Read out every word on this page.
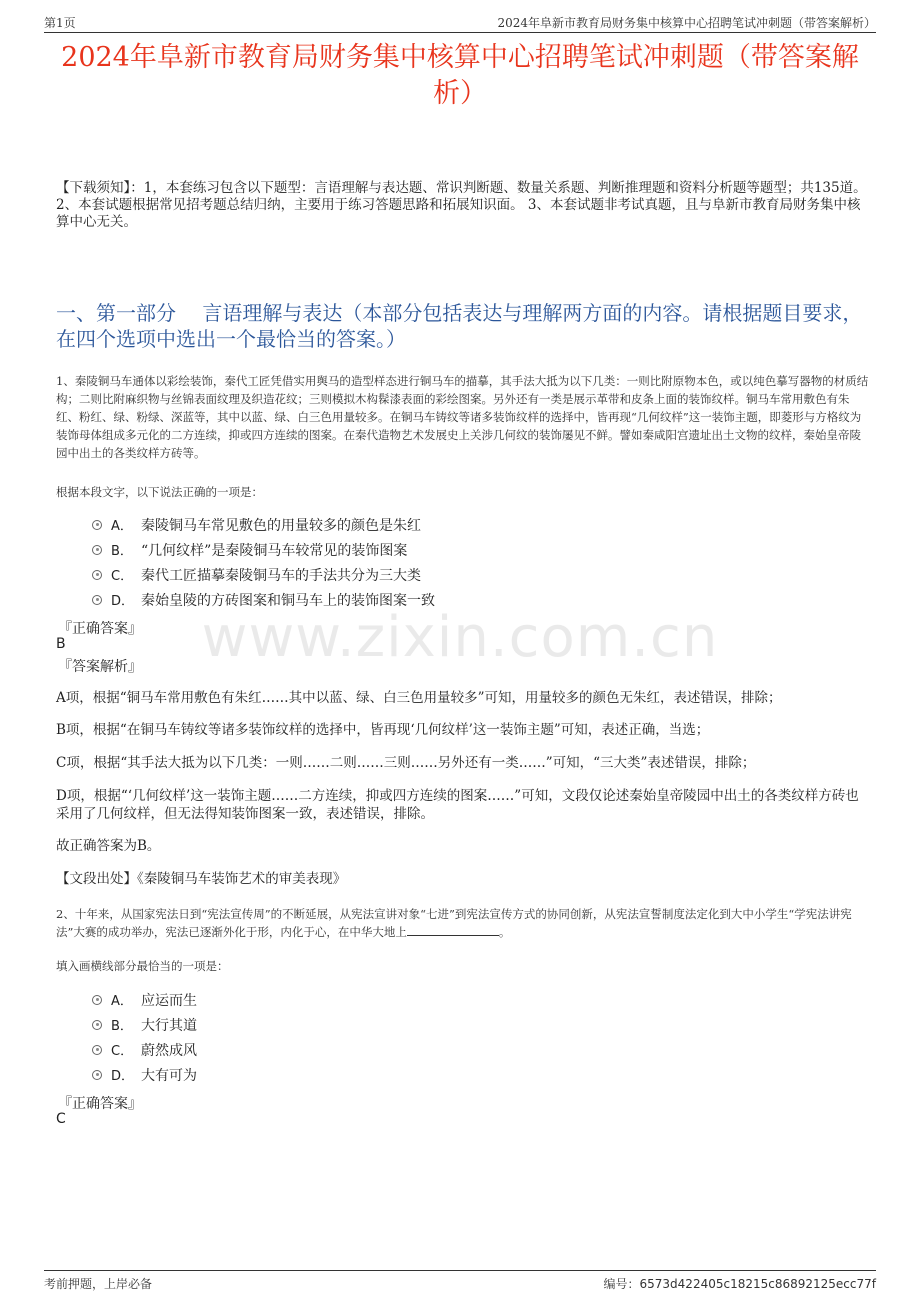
第1页	2024年阜新市教育局财务集中核算中心招聘笔试冲刺题（带答案解析）
2024年阜新市教育局财务集中核算中心招聘笔试冲刺题（带答案解析）
【下载须知】：1，本套练习包含以下题型：言语理解与表达题、常识判断题、数量关系题、判断推理题和资料分析题等题型；共135道。 2、本套试题根据常见招考题总结归纳，主要用于练习答题思路和拓展知识面。 3、本套试题非考试真题，且与阜新市教育局财务集中核算中心无关。
一、第一部分　 言语理解与表达（本部分包括表达与理解两方面的内容。请根据题目要求，在四个选项中选出一个最恰当的答案。）
1、秦陵铜马车通体以彩绘装饰，秦代工匠凭借实用舆马的造型样态进行铜马车的描摹，其手法大抵为以下几类：一则比附原物本色，或以纯色摹写器物的材质结构；二则比附麻织物与丝锦表面纹理及织造花纹；三则模拟木构髹漆表面的彩绘图案。另外还有一类是展示革带和皮条上面的装饰纹样。铜马车常用敷色有朱红、粉红、绿、粉绿、深蓝等，其中以蓝、绿、白三色用量较多。在铜马车铸纹等诸多装饰纹样的选择中，皆再现“几何纹样”这一装饰主题，即菱形与方格纹为装饰母体组成多元化的二方连续，抑或四方连续的图案。在秦代造物艺术发展史上关涉几何纹的装饰屡见不鲜。譬如秦咸阳宫遗址出土文物的纹样，秦始皇帝陵园中出土的各类纹样方砖等。
根据本段文字，以下说法正确的一项是：
A． 秦陵铜马车常见敷色的用量较多的颜色是朱红
B． “几何纹样”是秦陵铜马车较常见的装饰图案
C． 秦代工匠描摹秦陵铜马车的手法共分为三大类
D． 秦始皇陵的方砖图案和铜马车上的装饰图案一致
www.zixin.com.cn
『正确答案』
B
『答案解析』
A项，根据“铜马车常用敷色有朱红……其中以蓝、绿、白三色用量较多”可知，用量较多的颜色无朱红，表述错误，排除；
B项，根据“在铜马车铸纹等诸多装饰纹样的选择中，皆再现‘几何纹样’这一装饰主题”可知，表述正确，当选；
C项，根据“其手法大抵为以下几类：一则……二则……三则……另外还有一类……”可知，“三大类”表述错误，排除；
D项，根据“‘几何纹样’这一装饰主题……二方连续，抑或四方连续的图案……”可知，文段仅论述秦始皇帝陵园中出土的各类纹样方砖也采用了几何纹样，但无法得知装饰图案一致，表述错误，排除。
故正确答案为B。
【文段出处】《秦陵铜马车装饰艺术的审美表现》
2、十年来，从国家宪法日到“宪法宣传周”的不断延展，从宪法宣讲对象“七进”到宪法宣传方式的协同创新，从宪法宣誓制度法定化到大中小学生“学宪法讲宪法”大赛的成功举办，宪法已逐渐外化于形，内化于心，在中华大地上	。
填入画横线部分最恰当的一项是：
A． 应运而生
B． 大行其道
C． 蔚然成风
D． 大有可为
『正确答案』
C
考前押题，上岸必备	编号：6573d422405c18215c86892125ecc77f
